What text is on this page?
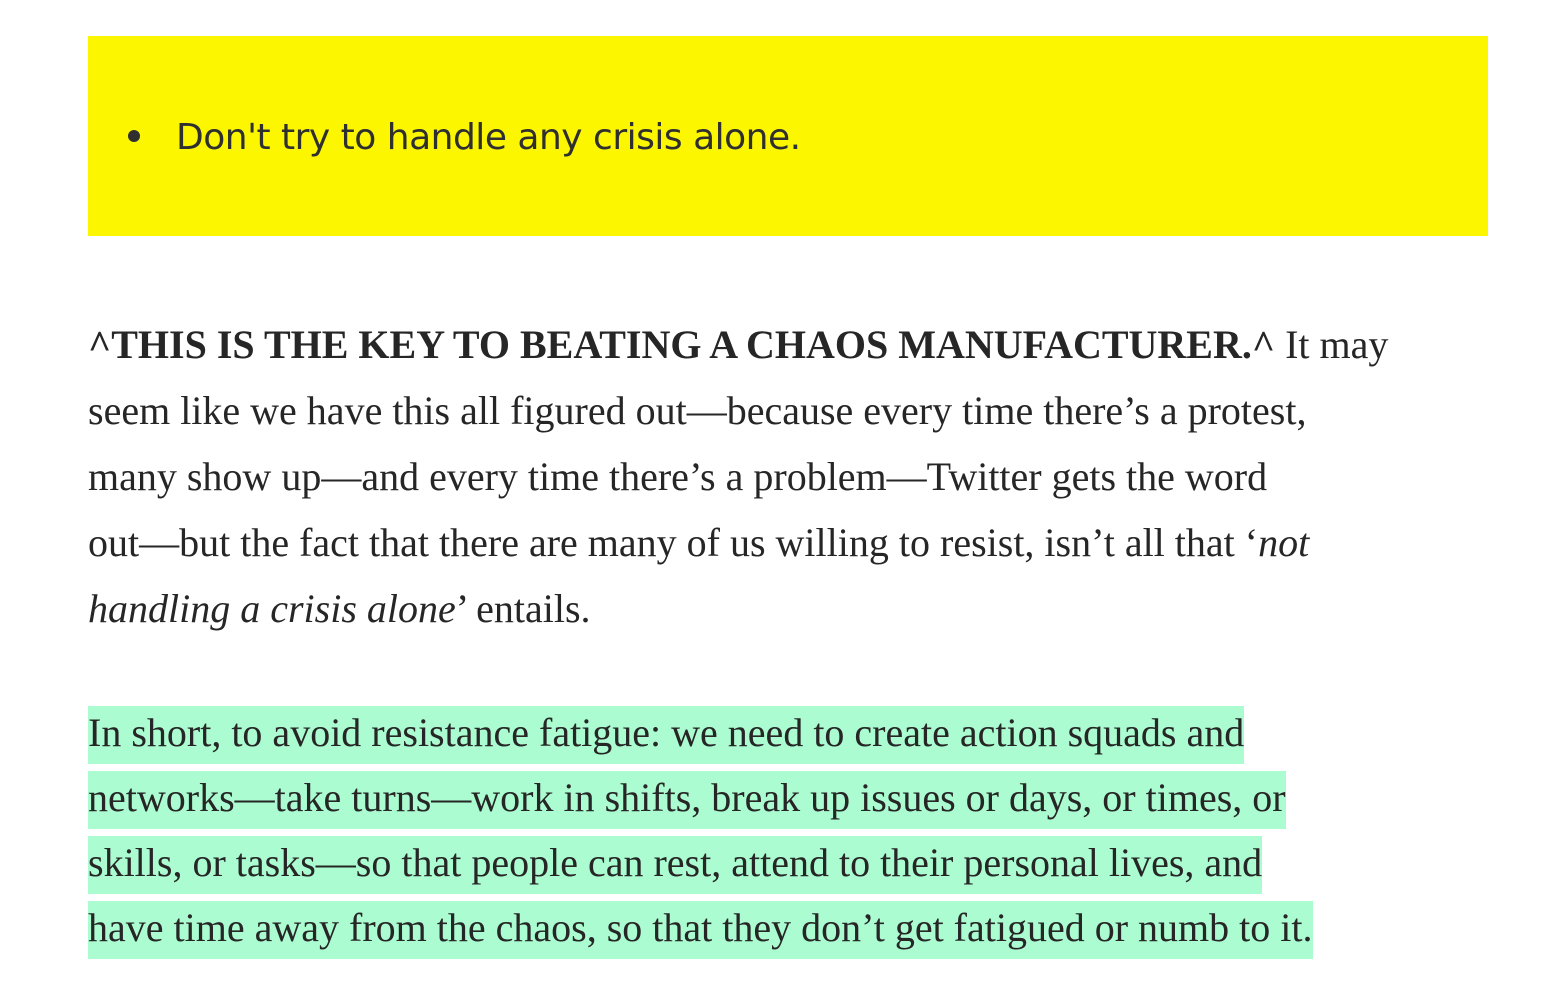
Don't try to handle any crisis alone.

^THIS IS THE KEY TO BEATING A CHAOS MANUFACTURER.^ It may
seem like we have this all figured out—because every time there’s a protest,
many show up—and every time there’s a problem—Twitter gets the word
out—but the fact that there are many of us willing to resist, isn’t all that ‘not
handling a crisis alone’ entails.

In short, to avoid resistance fatigue: we need to create action squads and
networks—take turns—work in shifts, break up issues or days, or times, or
skills, or tasks—so that people can rest, attend to their personal lives, and
have time away from the chaos, so that they don’t get fatigued or numb to it.
